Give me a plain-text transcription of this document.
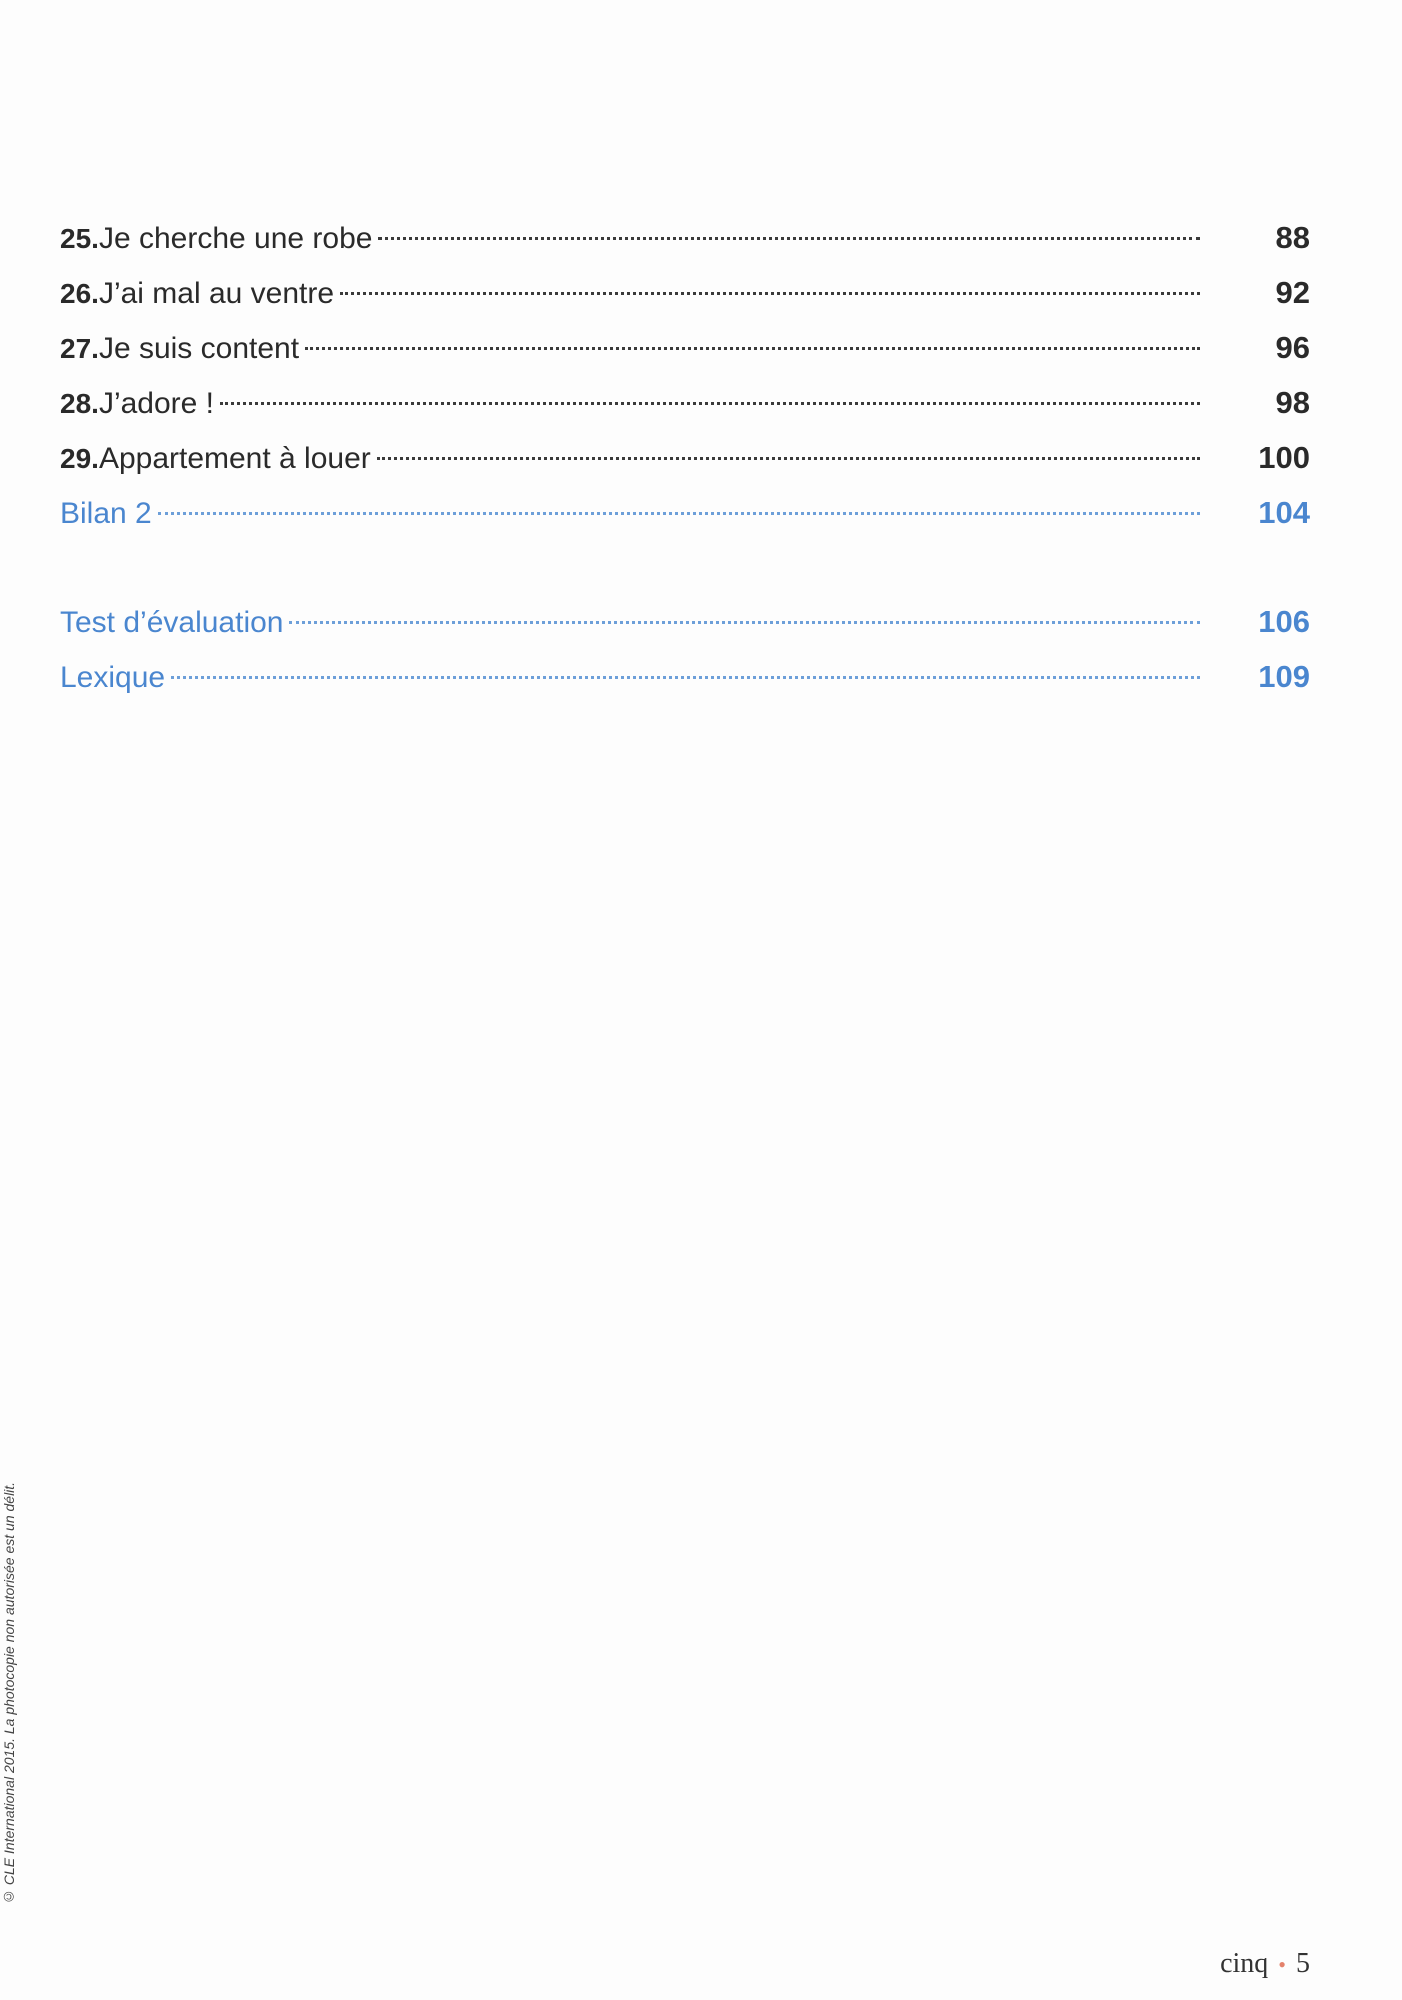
25. Je cherche une robe	88
26. J’ai mal au ventre	92
27. Je suis content	96
28. J’adore !	98
29. Appartement à louer	100
Bilan 2	104
Test d’évaluation	106
Lexique	109
© CLE International 2015. La photocopie non autorisée est un délit.
cinq • 5
